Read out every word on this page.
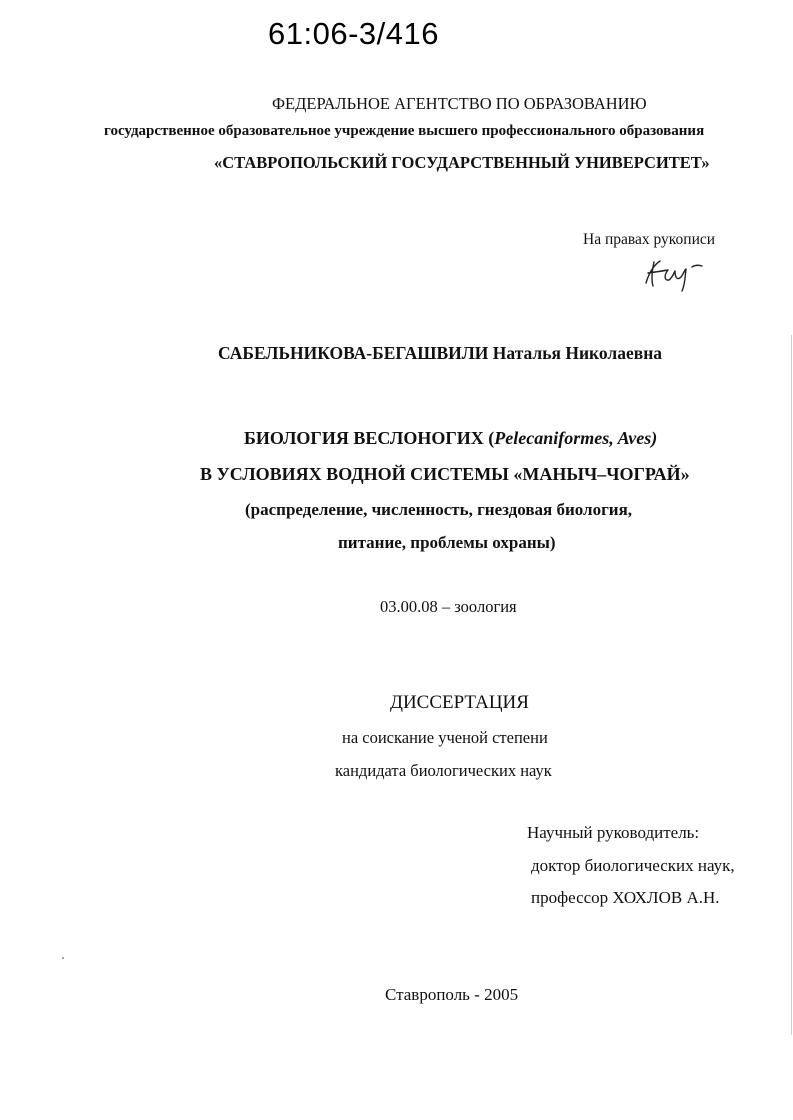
61:06-3/416
ФЕДЕРАЛЬНОЕ АГЕНТСТВО ПО ОБРАЗОВАНИЮ
государственное образовательное учреждение высшего профессионального образования
«СТАВРОПОЛЬСКИЙ ГОСУДАРСТВЕННЫЙ УНИВЕРСИТЕТ»
На правах рукописи
САБЕЛЬНИКОВА-БЕГАШВИЛИ Наталья Николаевна
БИОЛОГИЯ ВЕСЛОНОГИХ (Pelecaniformes, Aves)
В УСЛОВИЯХ ВОДНОЙ СИСТЕМЫ «МАНЫЧ–ЧОГРАЙ»
(распределение, численность, гнездовая биология,
питание, проблемы охраны)
03.00.08 – зоология
ДИССЕРТАЦИЯ
на соискание ученой степени
кандидата биологических наук
Научный руководитель:
доктор биологических наук,
профессор ХОХЛОВ А.Н.
Ставрополь - 2005
